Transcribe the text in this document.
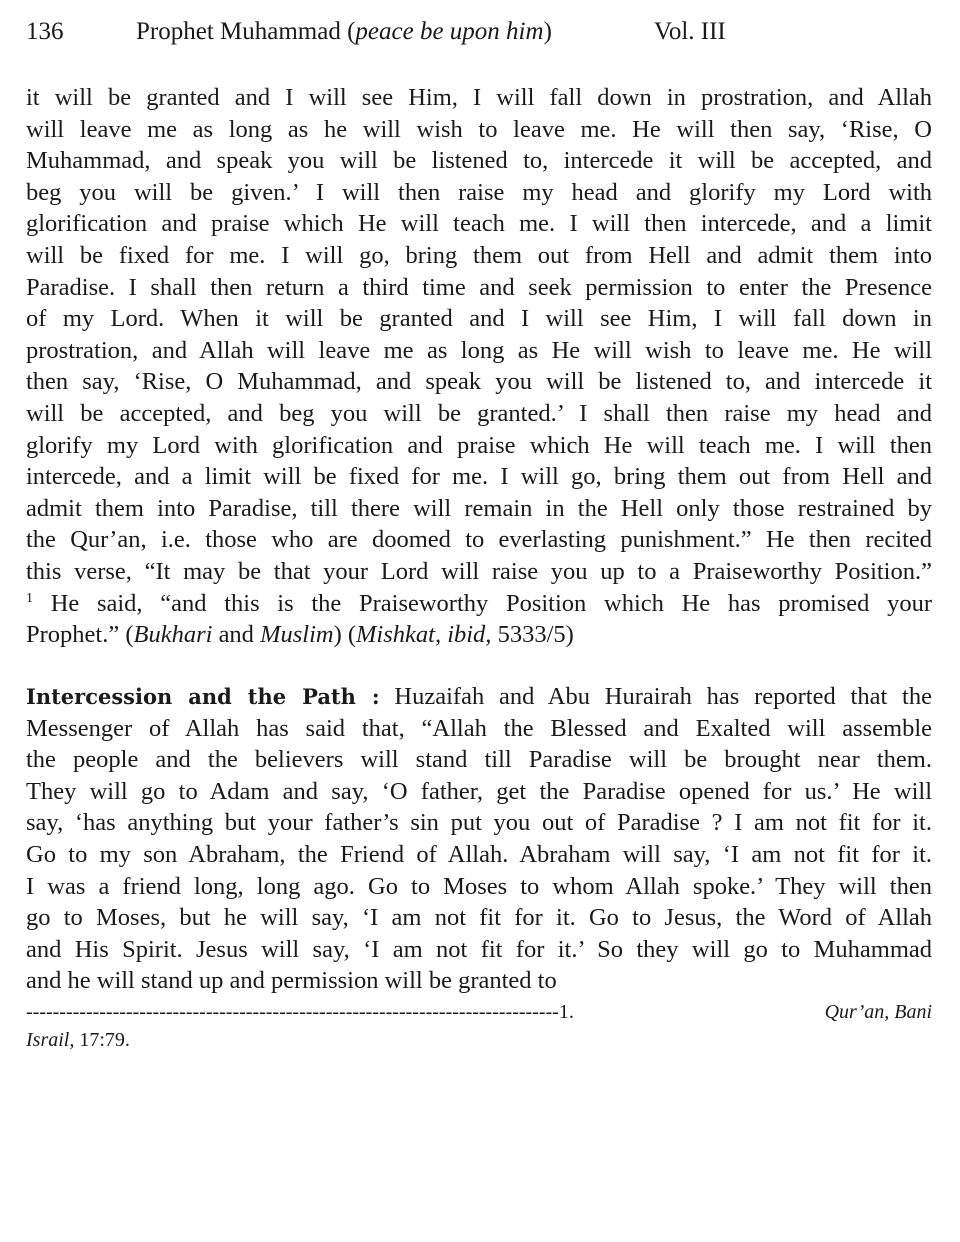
136	Prophet Muhammad (peace be upon him)	Vol. III
it will be granted and I will see Him, I will fall down in prostration, and Allah
will leave me as long as he will wish to leave me. He will then say, ‘Rise, O
Muhammad, and speak you will be listened to, intercede it will be accepted, and
beg you will be given.’ I will then raise my head and glorify my Lord with
glorification and praise which He will teach me. I will then intercede, and a limit
will be fixed for me. I will go, bring them out from Hell and admit them into
Paradise. I shall then return a third time and seek permission to enter the Presence
of my Lord. When it will be granted and I will see Him, I will fall down in
prostration, and Allah will leave me as long as He will wish to leave me. He will
then say, ‘Rise, O Muhammad, and speak you will be listened to, and intercede it
will be accepted, and beg you will be granted.’ I shall then raise my head and
glorify my Lord with glorification and praise which He will teach me. I will then
intercede, and a limit will be fixed for me. I will go, bring them out from Hell and
admit them into Paradise, till there will remain in the Hell only those restrained by
the Qur’an, i.e. those who are doomed to everlasting punishment.” He then recited
this verse, “It may be that your Lord will raise you up to a Praiseworthy Position.”
$^1$ He said, “and this is the Praiseworthy Position which He has promised your
Prophet.” (Bukhari and Muslim) (Mishkat, ibid, 5333/5)
Intercession and the Path : Huzaifah and Abu Hurairah has reported that the
Messenger of Allah has said that, “Allah the Blessed and Exalted will assemble
the people and the believers will stand till Paradise will be brought near them.
They will go to Adam and say, ‘O father, get the Paradise opened for us.’ He will
say, ‘has anything but your father’s sin put you out of Paradise ? I am not fit for it.
Go to my son Abraham, the Friend of Allah. Abraham will say, ‘I am not fit for it.
I was a friend long, long ago. Go to Moses to whom Allah spoke.’ They will then
go to Moses, but he will say, ‘I am not fit for it. Go to Jesus, the Word of Allah
and His Spirit. Jesus will say, ‘I am not fit for it.’ So they will go to Muhammad
and he will stand up and permission will be granted to
--------------------------------------------------------------------------------1.	Qur’an, Bani
Israil, 17:79.
